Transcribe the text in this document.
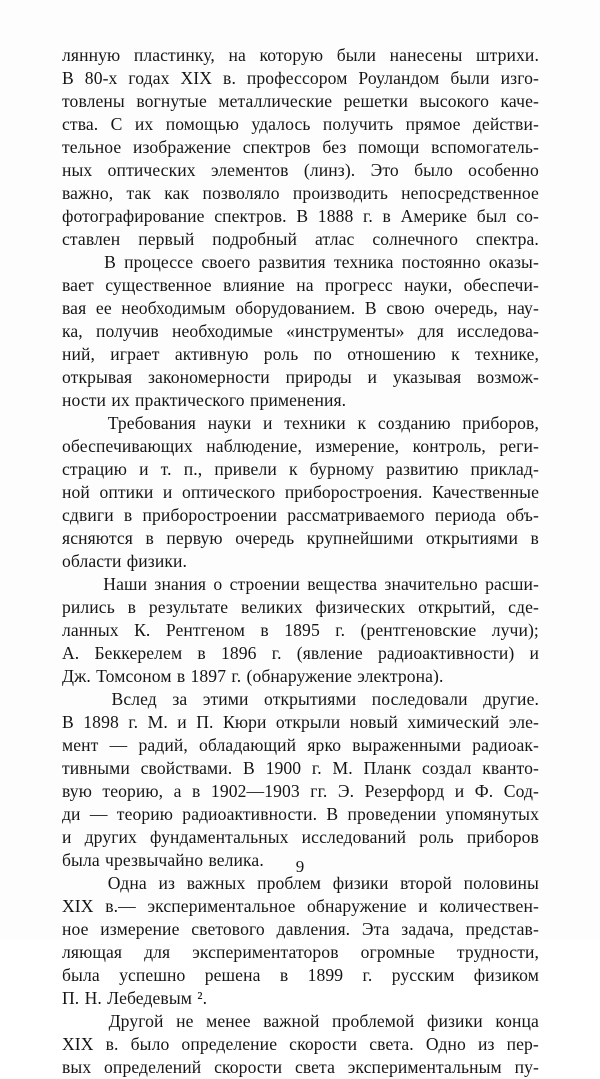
лянную пластинку, на которую были нанесены штрихи.
В 80-х годах XIX в. профессором Роуландом были изго-
товлены вогнутые металлические решетки высокого каче-
ства. С их помощью удалось получить прямое действи-
тельное изображение спектров без помощи вспомогатель-
ных оптических элементов (линз). Это было особенно
важно, так как позволяло производить непосредственное
фотографирование спектров. В 1888 г. в Америке был со-
ставлен первый подробный атлас солнечного спектра.
В процессе своего развития техника постоянно оказы-
вает существенное влияние на прогресс науки, обеспечи-
вая ее необходимым оборудованием. В свою очередь, нау-
ка, получив необходимые «инструменты» для исследова-
ний, играет активную роль по отношению к технике,
открывая закономерности природы и указывая возмож-
ности их практического применения.
Требования науки и техники к созданию приборов,
обеспечивающих наблюдение, измерение, контроль, реги-
страцию и т. п., привели к бурному развитию приклад-
ной оптики и оптического приборостроения. Качественные
сдвиги в приборостроении рассматриваемого периода объ-
ясняются в первую очередь крупнейшими открытиями в
области физики.
Наши знания о строении вещества значительно расши-
рились в результате великих физических открытий, сде-
ланных К. Рентгеном в 1895 г. (рентгеновские лучи);
А. Беккерелем в 1896 г. (явление радиоактивности) и
Дж. Томсоном в 1897 г. (обнаружение электрона).
Вслед за этими открытиями последовали другие.
В 1898 г. М. и П. Кюри открыли новый химический эле-
мент — радий, обладающий ярко выраженными радиоак-
тивными свойствами. В 1900 г. М. Планк создал кванто-
вую теорию, а в 1902—1903 гг. Э. Резерфорд и Ф. Сод-
ди — теорию радиоактивности. В проведении упомянутых
и других фундаментальных исследований роль приборов
была чрезвычайно велика.
Одна из важных проблем физики второй половины
XIX в.— экспериментальное обнаружение и количествен-
ное измерение светового давления. Эта задача, представ-
ляющая для экспериментаторов огромные трудности,
была успешно решена в 1899 г. русским физиком
П. Н. Лебедевым ².
Другой не менее важной проблемой физики конца
XIX в. было определение скорости света. Одно из пер-
вых определений скорости света экспериментальным пу-
9
